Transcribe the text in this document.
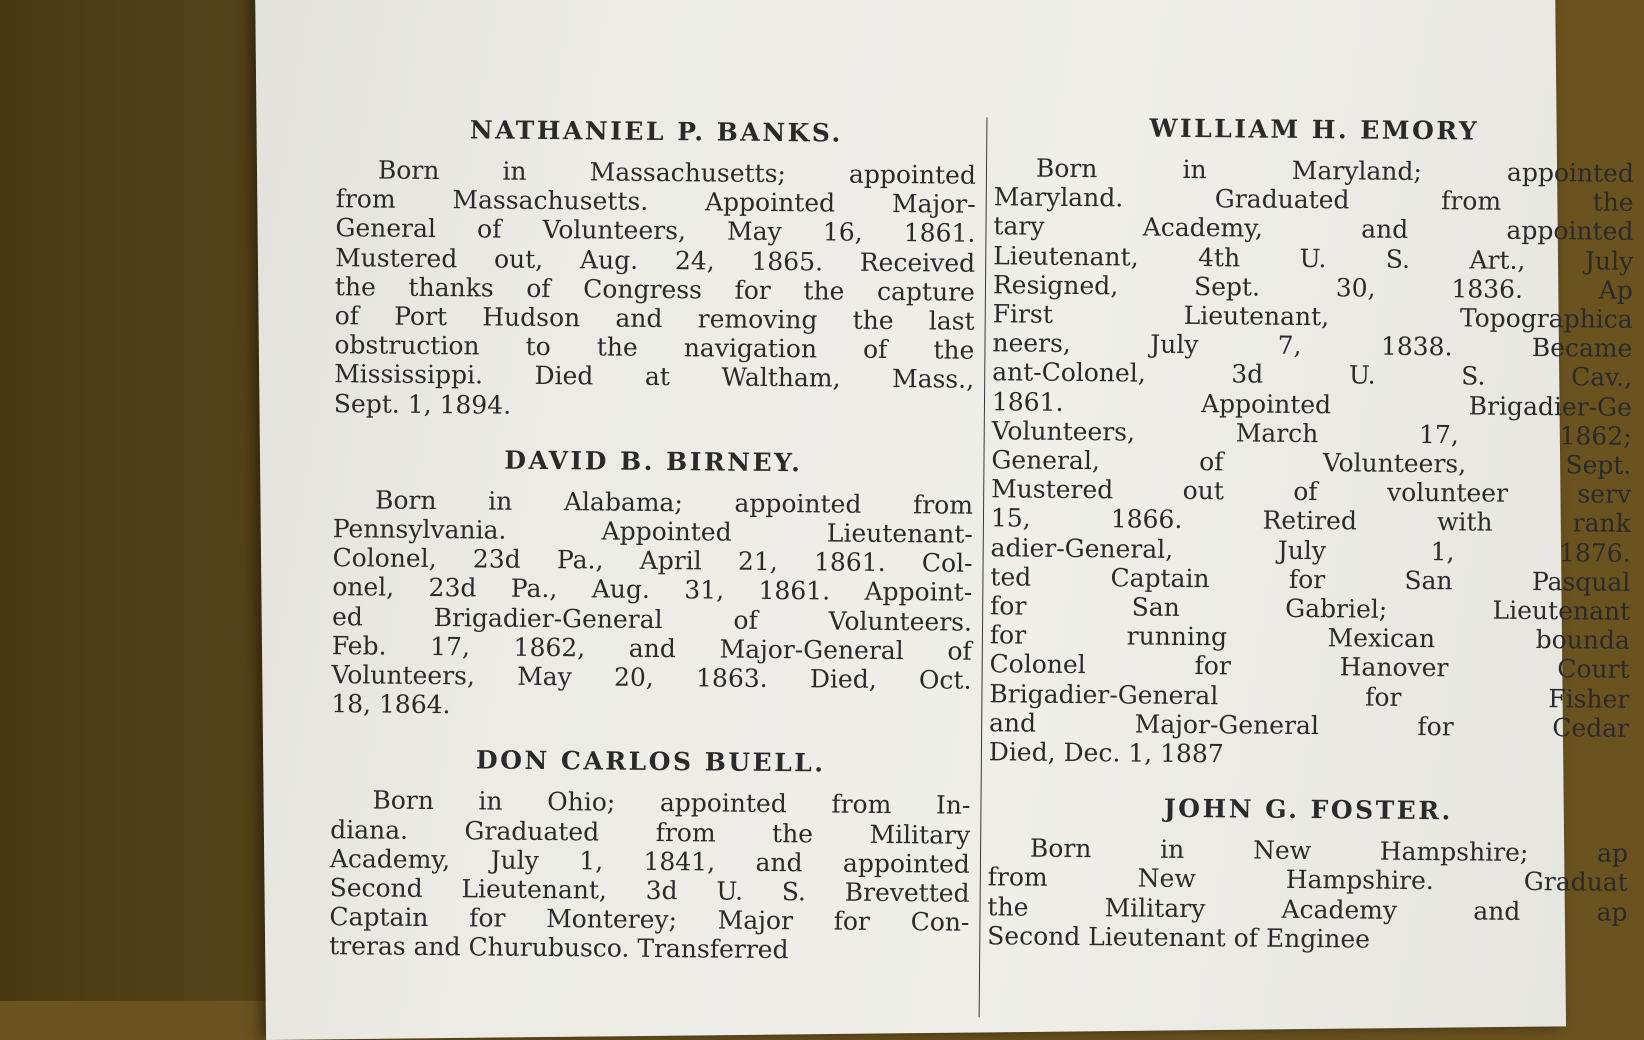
NATHANIEL P. BANKS.
Born in Massachusetts; appointed
from Massachusetts. Appointed Major-
General of Volunteers, May 16, 1861.
Mustered out, Aug. 24, 1865. Received
the thanks of Congress for the capture
of Port Hudson and removing the last
obstruction to the navigation of the
Mississippi. Died at Waltham, Mass.,
Sept. 1, 1894.
DAVID B. BIRNEY.
Born in Alabama; appointed from
Pennsylvania. Appointed Lieutenant-
Colonel, 23d Pa., April 21, 1861. Col-
onel, 23d Pa., Aug. 31, 1861. Appoint-
ed Brigadier-General of Volunteers.
Feb. 17, 1862, and Major-General of
Volunteers, May 20, 1863. Died, Oct.
18, 1864.
DON CARLOS BUELL.
Born in Ohio; appointed from In-
diana. Graduated from the Military
Academy, July 1, 1841, and appointed
Second Lieutenant, 3d U. S. Brevetted
Captain for Monterey; Major for Con-
treras and Churubusco. Transferred
WILLIAM H. EMORY
Born in Maryland; appointed
Maryland. Graduated from the
tary Academy, and appointed
Lieutenant, 4th U. S. Art., July
Resigned, Sept. 30, 1836. Ap
First Lieutenant, Topographica
neers, July 7, 1838. Became
ant-Colonel, 3d U. S. Cav.,
1861. Appointed Brigadier-Ge
Volunteers, March 17, 1862;
General, of Volunteers, Sept.
Mustered out of volunteer serv
15, 1866. Retired with rank
adier-General, July 1, 1876.
ted Captain for San Pasqual
for San Gabriel; Lieutenant
for running Mexican bounda
Colonel for Hanover Court
Brigadier-General for Fisher
and Major-General for Cedar
Died, Dec. 1, 1887
JOHN G. FOSTER.
Born in New Hampshire; ap
from New Hampshire. Graduat
the Military Academy and ap
Second Lieutenant of Enginee
